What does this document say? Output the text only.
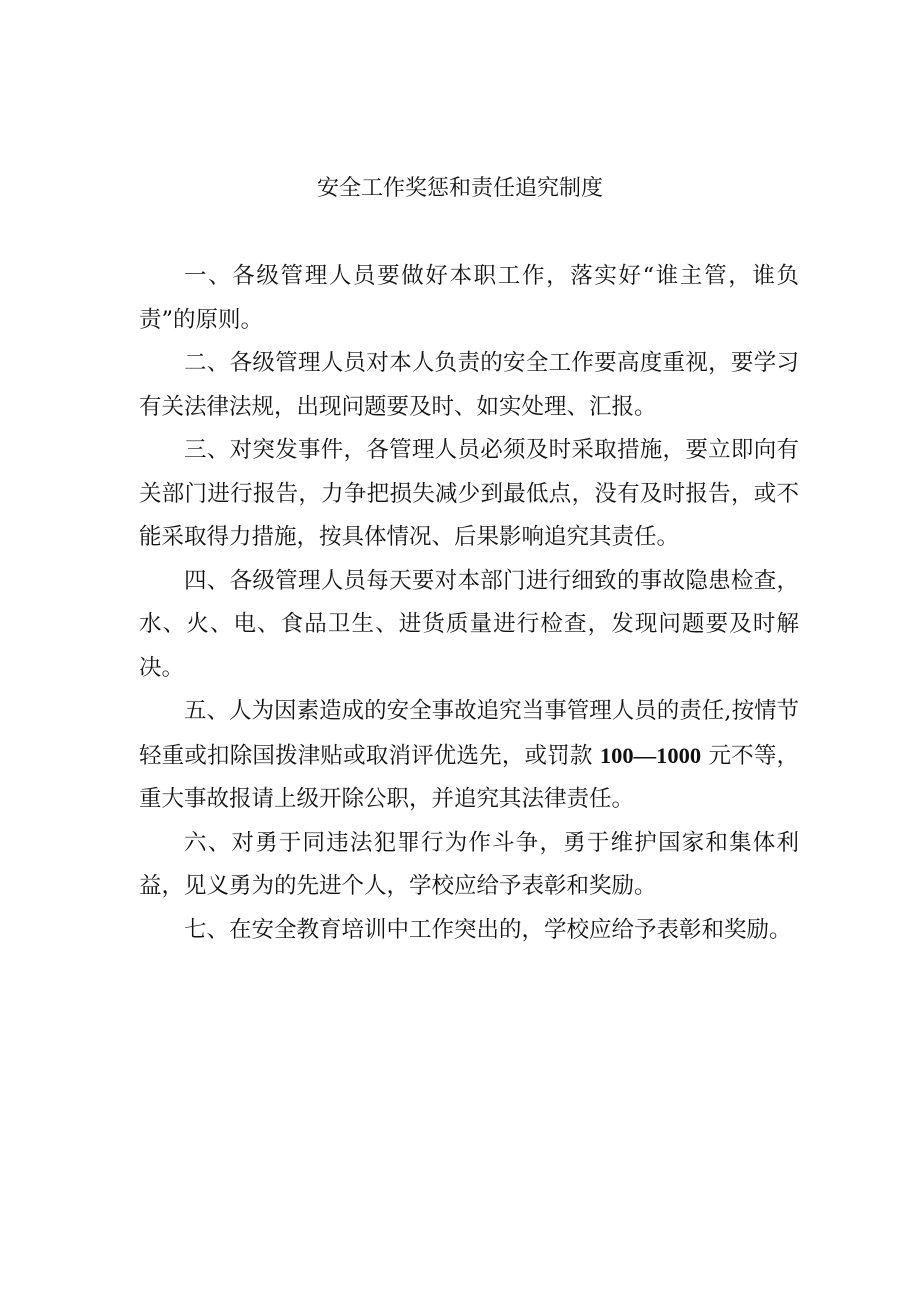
安全工作奖惩和责任追究制度

一、各级管理人员要做好本职工作，落实好“谁主管，谁负责”的原则。

二、各级管理人员对本人负责的安全工作要高度重视，要学习有关法律法规，出现问题要及时、如实处理、汇报。

三、对突发事件，各管理人员必须及时采取措施，要立即向有关部门进行报告，力争把损失减少到最低点，没有及时报告，或不能采取得力措施，按具体情况、后果影响追究其责任。

四、各级管理人员每天要对本部门进行细致的事故隐患检查，水、火、电、食品卫生、进货质量进行检查，发现问题要及时解决。

五、人为因素造成的安全事故追究当事管理人员的责任,按情节轻重或扣除国拨津贴或取消评优选先，或罚款 100—1000 元不等，重大事故报请上级开除公职，并追究其法律责任。

六、对勇于同违法犯罪行为作斗争，勇于维护国家和集体利益，见义勇为的先进个人，学校应给予表彰和奖励。

七、在安全教育培训中工作突出的，学校应给予表彰和奖励。
